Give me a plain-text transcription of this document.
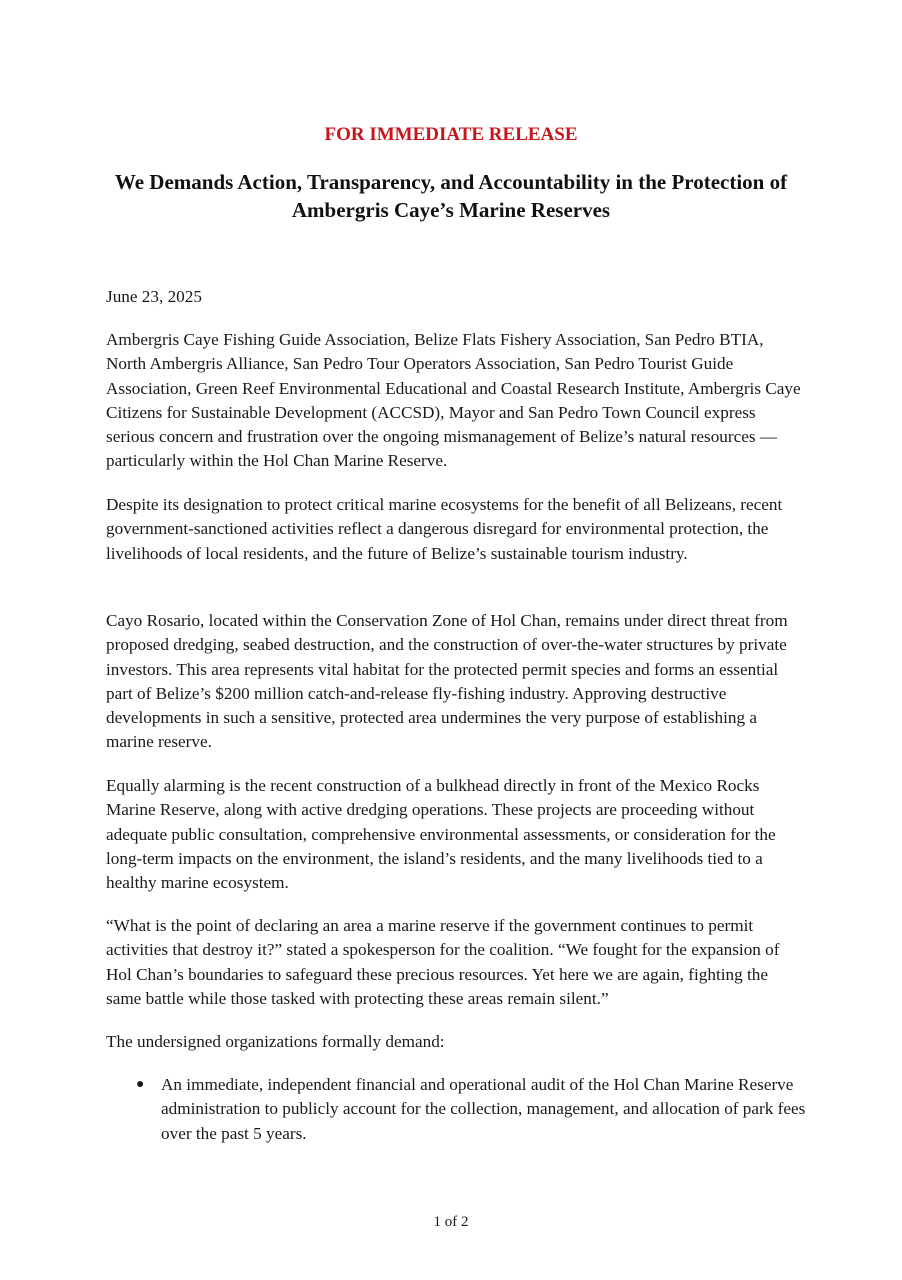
FOR IMMEDIATE RELEASE
We Demands Action, Transparency, and Accountability in the Protection of Ambergris Caye’s Marine Reserves

June 23, 2025

Ambergris Caye Fishing Guide Association, Belize Flats Fishery Association, San Pedro BTIA, North Ambergris Alliance, San Pedro Tour Operators Association, San Pedro Tourist Guide Association, Green Reef Environmental Educational and Coastal Research Institute, Ambergris Caye Citizens for Sustainable Development (ACCSD), Mayor and San Pedro Town Council express serious concern and frustration over the ongoing mismanagement of Belize’s natural resources — particularly within the Hol Chan Marine Reserve.

Despite its designation to protect critical marine ecosystems for the benefit of all Belizeans, recent government-sanctioned activities reflect a dangerous disregard for environmental protection, the livelihoods of local residents, and the future of Belize’s sustainable tourism industry.

Cayo Rosario, located within the Conservation Zone of Hol Chan, remains under direct threat from proposed dredging, seabed destruction, and the construction of over-the-water structures by private investors. This area represents vital habitat for the protected permit species and forms an essential part of Belize’s $200 million catch-and-release fly-fishing industry. Approving destructive developments in such a sensitive, protected area undermines the very purpose of establishing a marine reserve.

Equally alarming is the recent construction of a bulkhead directly in front of the Mexico Rocks Marine Reserve, along with active dredging operations. These projects are proceeding without adequate public consultation, comprehensive environmental assessments, or consideration for the long-term impacts on the environment, the island’s residents, and the many livelihoods tied to a healthy marine ecosystem.

“What is the point of declaring an area a marine reserve if the government continues to permit activities that destroy it?” stated a spokesperson for the coalition. “We fought for the expansion of Hol Chan’s boundaries to safeguard these precious resources. Yet here we are again, fighting the same battle while those tasked with protecting these areas remain silent.”

The undersigned organizations formally demand:

● An immediate, independent financial and operational audit of the Hol Chan Marine Reserve administration to publicly account for the collection, management, and allocation of park fees over the past 5 years.
1 of 2
